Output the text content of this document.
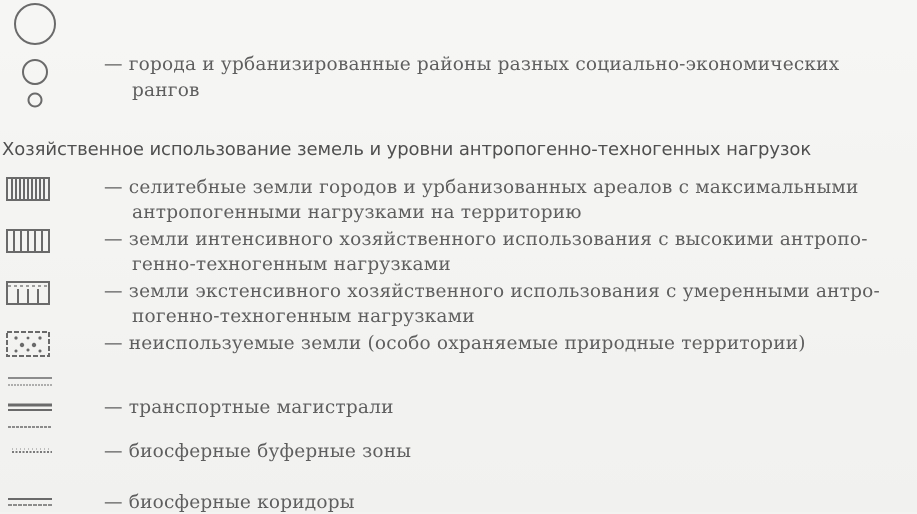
— города и урбанизированные районы разных социально-экономических
рангов
Хозяйственное использование земель и уровни антропогенно-техногенных нагрузок
— селитебные земли городов и урбанизованных ареалов с максимальными
антропогенными нагрузками на территорию
— земли интенсивного хозяйственного использования с высокими антропо-
генно-техногенным нагрузками
— земли экстенсивного хозяйственного использования с умеренными антро-
погенно-техногенным нагрузками
— неиспользуемые земли (особо охраняемые природные территории)
— транспортные магистрали
— биосферные буферные зоны
— биосферные коридоры
